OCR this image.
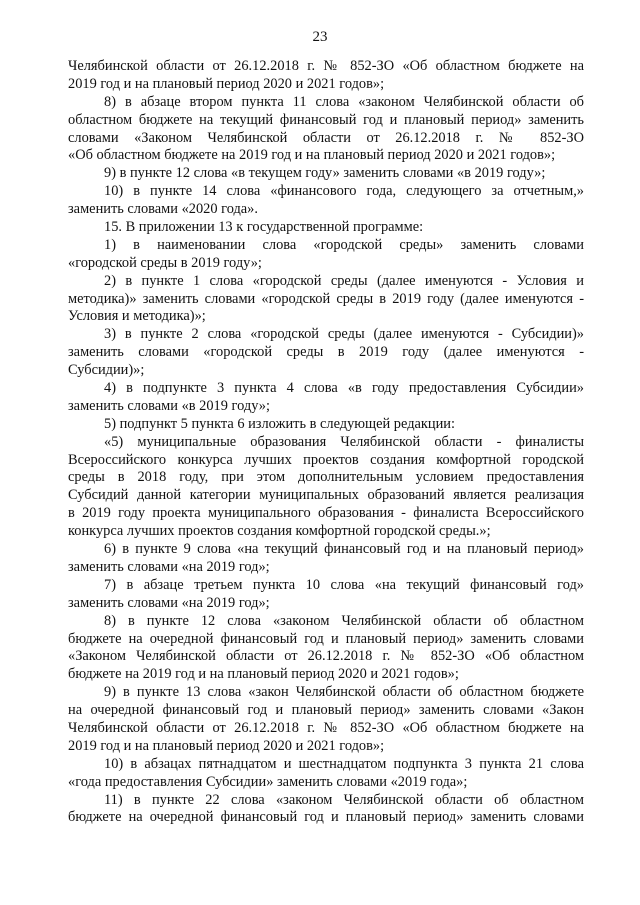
23
Челябинской области от 26.12.2018 г. № 852-ЗО «Об областном бюджете на
2019 год и на плановый период 2020 и 2021 годов»;
8) в абзаце втором пункта 11 слова «законом Челябинской области об
областном бюджете на текущий финансовый год и плановый период» заменить
словами «Законом Челябинской области от 26.12.2018 г. № 852-ЗО
«Об областном бюджете на 2019 год и на плановый период 2020 и 2021 годов»;
9) в пункте 12 слова «в текущем году» заменить словами «в 2019 году»;
10) в пункте 14 слова «финансового года, следующего за отчетным,»
заменить словами «2020 года».
15. В приложении 13 к государственной программе:
1) в наименовании слова «городской среды» заменить словами
«городской среды в 2019 году»;
2) в пункте 1 слова «городской среды (далее именуются - Условия и
методика)» заменить словами «городской среды в 2019 году (далее именуются -
Условия и методика)»;
3) в пункте 2 слова «городской среды (далее именуются - Субсидии)»
заменить словами «городской среды в 2019 году (далее именуются -
Субсидии)»;
4) в подпункте 3 пункта 4 слова «в году предоставления Субсидии»
заменить словами «в 2019 году»;
5) подпункт 5 пункта 6 изложить в следующей редакции:
«5) муниципальные образования Челябинской области - финалисты
Всероссийского конкурса лучших проектов создания комфортной городской
среды в 2018 году, при этом дополнительным условием предоставления
Субсидий данной категории муниципальных образований является реализация
в 2019 году проекта муниципального образования - финалиста Всероссийского
конкурса лучших проектов создания комфортной городской среды.»;
6) в пункте 9 слова «на текущий финансовый год и на плановый период»
заменить словами «на 2019 год»;
7) в абзаце третьем пункта 10 слова «на текущий финансовый год»
заменить словами «на 2019 год»;
8) в пункте 12 слова «законом Челябинской области об областном
бюджете на очередной финансовый год и плановый период» заменить словами
«Законом Челябинской области от 26.12.2018 г. № 852-ЗО «Об областном
бюджете на 2019 год и на плановый период 2020 и 2021 годов»;
9) в пункте 13 слова «закон Челябинской области об областном бюджете
на очередной финансовый год и плановый период» заменить словами «Закон
Челябинской области от 26.12.2018 г. № 852-ЗО «Об областном бюджете на
2019 год и на плановый период 2020 и 2021 годов»;
10) в абзацах пятнадцатом и шестнадцатом подпункта 3 пункта 21 слова
«года предоставления Субсидии» заменить словами «2019 года»;
11) в пункте 22 слова «законом Челябинской области об областном
бюджете на очередной финансовый год и плановый период» заменить словами
